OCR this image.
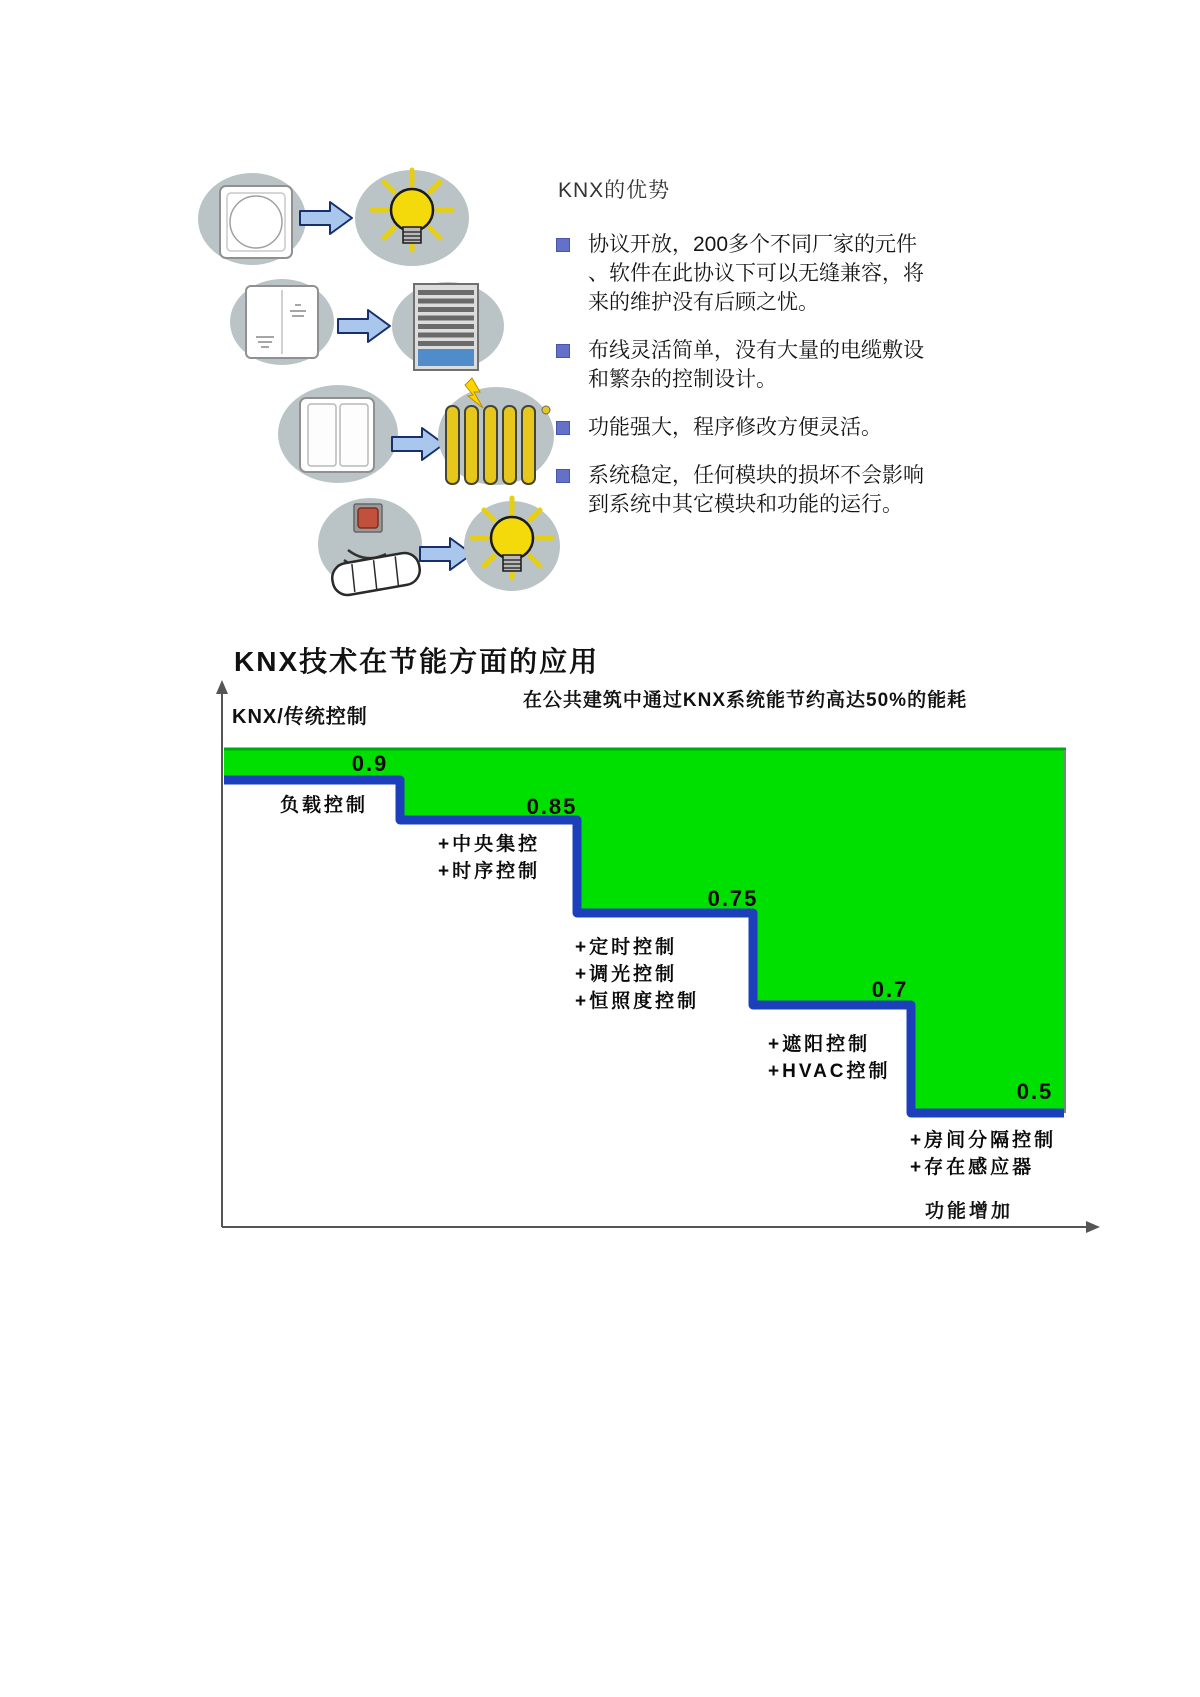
KNX的优势
协议开放，200多个不同厂家的元件
、软件在此协议下可以无缝兼容，将
来的维护没有后顾之忧。
布线灵活简单，没有大量的电缆敷设
和繁杂的控制设计。
功能强大，程序修改方便灵活。
系统稳定，任何模块的损坏不会影响
到系统中其它模块和功能的运行。
KNX技术在节能方面的应用
在公共建筑中通过KNX系统能节约高达50%的能耗
KNX/传统控制
功能增加
0.9
0.85
0.75
0.7
0.5
负载控制
+中央集控
+时序控制
+定时控制
+调光控制
+恒照度控制
+遮阳控制
+HVAC控制
+房间分隔控制
+存在感应器
